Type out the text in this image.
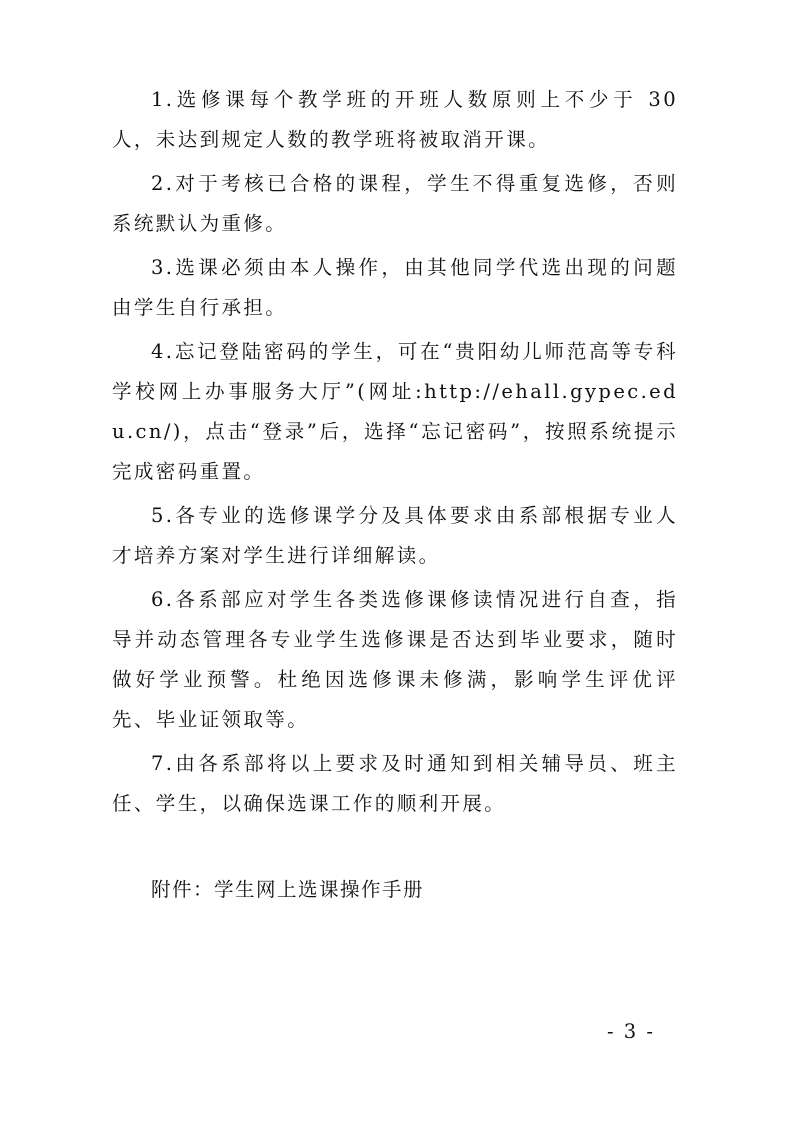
1.选修课每个教学班的开班人数原则上不少于 30 人，未达到规定人数的教学班将被取消开课。

2.对于考核已合格的课程，学生不得重复选修，否则系统默认为重修。

3.选课必须由本人操作，由其他同学代选出现的问题由学生自行承担。

4.忘记登陆密码的学生，可在“贵阳幼儿师范高等专科学校网上办事服务大厅”(网址:http://ehall.gypec.edu.cn/)，点击“登录”后，选择“忘记密码”，按照系统提示完成密码重置。

5.各专业的选修课学分及具体要求由系部根据专业人才培养方案对学生进行详细解读。

6.各系部应对学生各类选修课修读情况进行自查，指导并动态管理各专业学生选修课是否达到毕业要求，随时做好学业预警。杜绝因选修课未修满，影响学生评优评先、毕业证领取等。

7.由各系部将以上要求及时通知到相关辅导员、班主任、学生，以确保选课工作的顺利开展。

附件：学生网上选课操作手册
- 3 -
